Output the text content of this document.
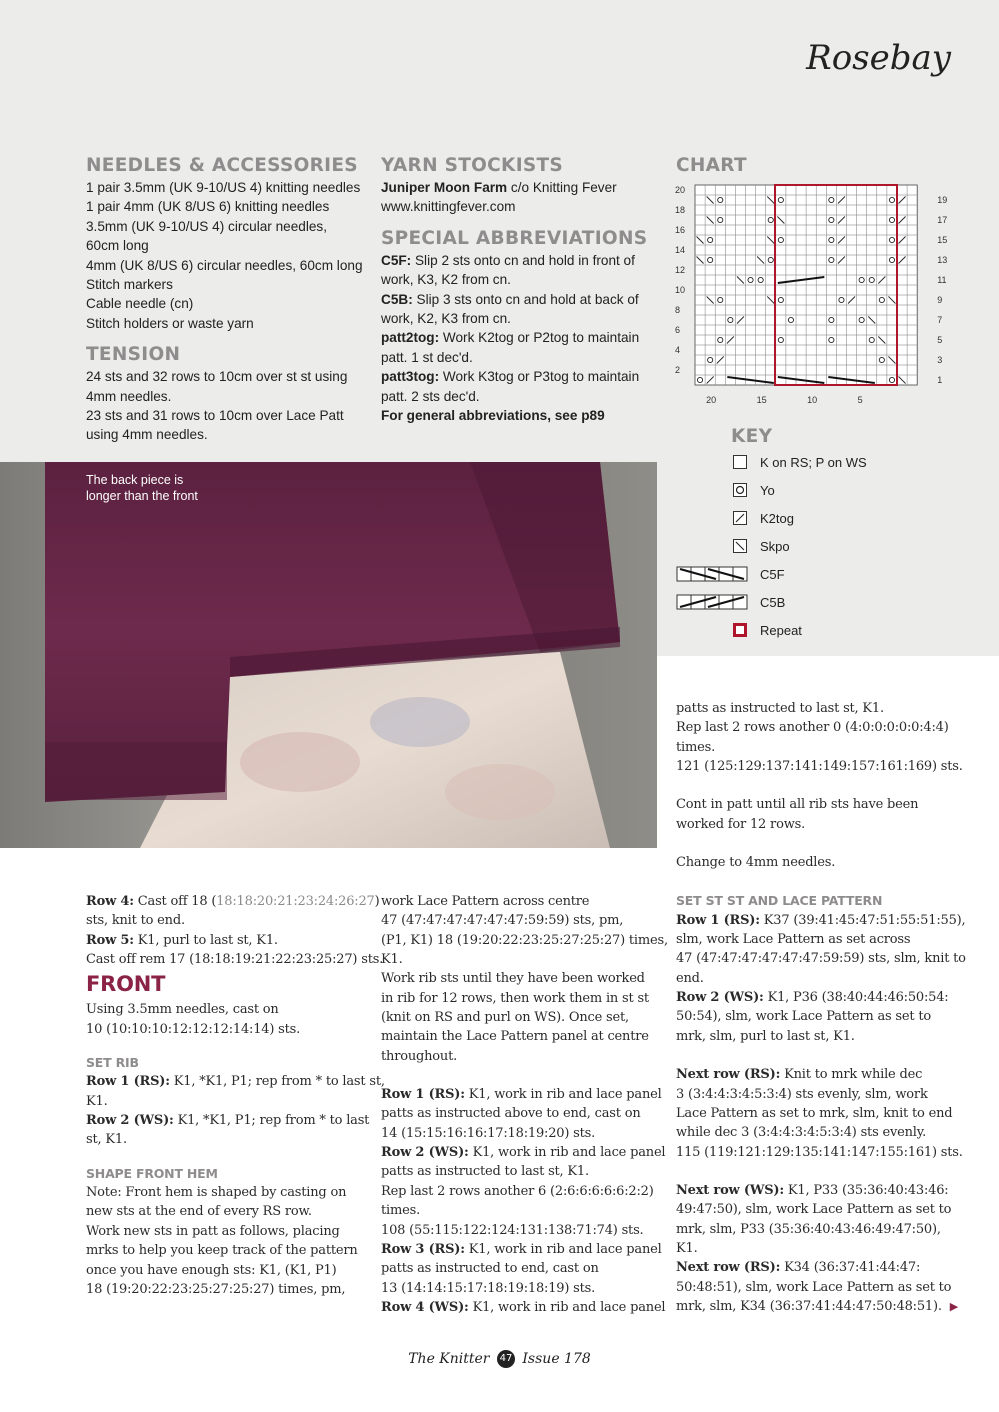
Rosebay
NEEDLES & ACCESSORIES
1 pair 3.5mm (UK 9-10/US 4) knitting needles
1 pair 4mm (UK 8/US 6) knitting needles
3.5mm (UK 9-10/US 4) circular needles,
60cm long
4mm (UK 8/US 6) circular needles, 60cm long
Stitch markers
Cable needle (cn)
Stitch holders or waste yarn
TENSION
24 sts and 32 rows to 10cm over st st using
4mm needles.
23 sts and 31 rows to 10cm over Lace Patt
using 4mm needles.
YARN STOCKISTS
Juniper Moon Farm c/o Knitting Fever
www.knittingfever.com
SPECIAL ABBREVIATIONS
C5F: Slip 2 sts onto cn and hold in front of
work, K3, K2 from cn.
C5B: Slip 3 sts onto cn and hold at back of
work, K2, K3 from cn.
patt2tog: Work K2tog or P2tog to maintain
patt. 1 st dec'd.
patt3tog: Work K3tog or P3tog to maintain
patt. 2 sts dec'd.
For general abbreviations, see p89
CHART
20
18
16
14
12
10
8
6
4
2
19
17
15
13
11
9
7
5
3
1
20	15	10	5
KEY
K on RS; P on WS
Yo
K2tog
Skpo
C5F
C5B
Repeat
The back piece is
longer than the front
Row 4: Cast off 18 (18:18:20:21:23:24:26:27)
sts, knit to end.
Row 5: K1, purl to last st, K1.
Cast off rem 17 (18:18:19:21:22:23:25:27) sts.
FRONT
Using 3.5mm needles, cast on
10 (10:10:10:12:12:12:14:14) sts.
SET RIB
Row 1 (RS): K1, *K1, P1; rep from * to last st,
K1.
Row 2 (WS): K1, *K1, P1; rep from * to last
st, K1.
SHAPE FRONT HEM
Note: Front hem is shaped by casting on
new sts at the end of every RS row.
Work new sts in patt as follows, placing
mrks to help you keep track of the pattern
once you have enough sts: K1, (K1, P1)
18 (19:20:22:23:25:27:25:27) times, pm,
work Lace Pattern across centre
47 (47:47:47:47:47:47:59:59) sts, pm,
(P1, K1) 18 (19:20:22:23:25:27:25:27) times,
K1.
Work rib sts until they have been worked
in rib for 12 rows, then work them in st st
(knit on RS and purl on WS). Once set,
maintain the Lace Pattern panel at centre
throughout.
Row 1 (RS): K1, work in rib and lace panel
patts as instructed above to end, cast on
14 (15:15:16:16:17:18:19:20) sts.
Row 2 (WS): K1, work in rib and lace panel
patts as instructed to last st, K1.
Rep last 2 rows another 6 (2:6:6:6:6:6:2:2)
times.
108 (55:115:122:124:131:138:71:74) sts.
Row 3 (RS): K1, work in rib and lace panel
patts as instructed to end, cast on
13 (14:14:15:17:18:19:18:19) sts.
Row 4 (WS): K1, work in rib and lace panel
patts as instructed to last st, K1.
Rep last 2 rows another 0 (4:0:0:0:0:0:4:4)
times.
121 (125:129:137:141:149:157:161:169) sts.
Cont in patt until all rib sts have been
worked for 12 rows.
Change to 4mm needles.
SET ST ST AND LACE PATTERN
Row 1 (RS): K37 (39:41:45:47:51:55:51:55),
slm, work Lace Pattern as set across
47 (47:47:47:47:47:47:59:59) sts, slm, knit to
end.
Row 2 (WS): K1, P36 (38:40:44:46:50:54:
50:54), slm, work Lace Pattern as set to
mrk, slm, purl to last st, K1.
Next row (RS): Knit to mrk while dec
3 (3:4:4:3:4:5:3:4) sts evenly, slm, work
Lace Pattern as set to mrk, slm, knit to end
while dec 3 (3:4:4:3:4:5:3:4) sts evenly.
115 (119:121:129:135:141:147:155:161) sts.
Next row (WS): K1, P33 (35:36:40:43:46:
49:47:50), slm, work Lace Pattern as set to
mrk, slm, P33 (35:36:40:43:46:49:47:50),
K1.
Next row (RS): K34 (36:37:41:44:47:
50:48:51), slm, work Lace Pattern as set to
mrk, slm, K34 (36:37:41:44:47:50:48:51). ▶
The Knitter 47 Issue 178
